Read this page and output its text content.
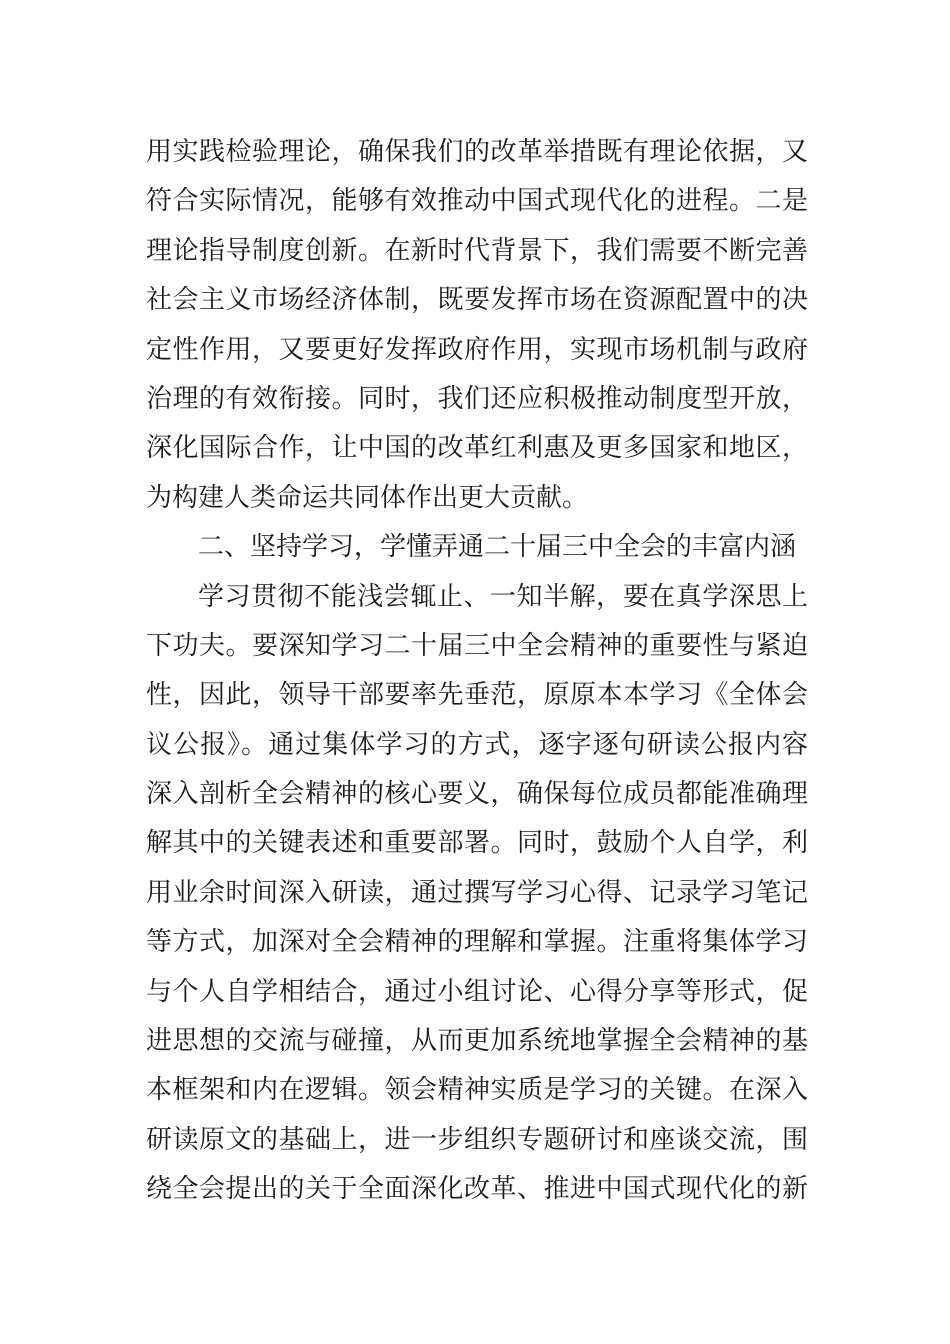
用实践检验理论，确保我们的改革举措既有理论依据，又
符合实际情况，能够有效推动中国式现代化的进程。二是
理论指导制度创新。在新时代背景下，我们需要不断完善
社会主义市场经济体制，既要发挥市场在资源配置中的决
定性作用，又要更好发挥政府作用，实现市场机制与政府
治理的有效衔接。同时，我们还应积极推动制度型开放，
深化国际合作，让中国的改革红利惠及更多国家和地区，
为构建人类命运共同体作出更大贡献。
二、坚持学习，学懂弄通二十届三中全会的丰富内涵
学习贯彻不能浅尝辄止、一知半解，要在真学深思上
下功夫。要深知学习二十届三中全会精神的重要性与紧迫
性，因此，领导干部要率先垂范，原原本本学习《全体会
议公报》。通过集体学习的方式，逐字逐句研读公报内容
深入剖析全会精神的核心要义，确保每位成员都能准确理
解其中的关键表述和重要部署。同时，鼓励个人自学，利
用业余时间深入研读，通过撰写学习心得、记录学习笔记
等方式，加深对全会精神的理解和掌握。注重将集体学习
与个人自学相结合，通过小组讨论、心得分享等形式，促
进思想的交流与碰撞，从而更加系统地掌握全会精神的基
本框架和内在逻辑。领会精神实质是学习的关键。在深入
研读原文的基础上，进一步组织专题研讨和座谈交流，围
绕全会提出的关于全面深化改革、推进中国式现代化的新
